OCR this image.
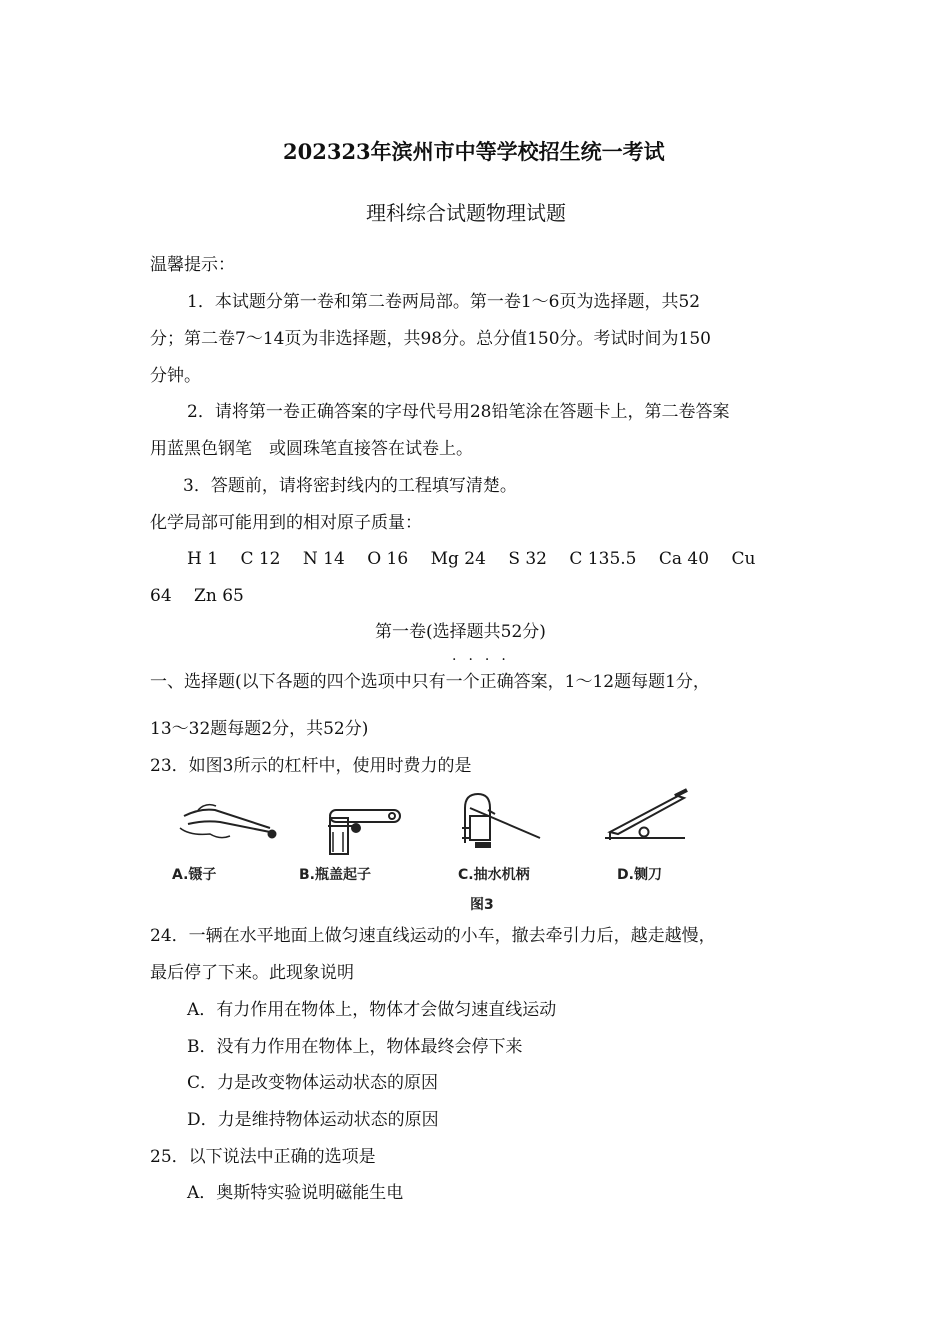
202323年滨州市中等学校招生统一考试
理科综合试题物理试题
温馨提示：
1．本试题分第一卷和第二卷两局部。第一卷1～6页为选择题，共52
分；第二卷7～14页为非选择题，共98分。总分值150分。考试时间为150
分钟。
2．请将第一卷正确答案的字母代号用28铅笔涂在答题卡上，第二卷答案
用蓝黑色钢笔　或圆珠笔直接答在试卷上。
3．答题前，请将密封线内的工程填写清楚。
化学局部可能用到的相对原子质量：
H 1　 C 12　 N 14　 O 16　 Mg 24　 S 32　 C 135.5　 Ca 40　 Cu
64　 Zn 65
第一卷(选择题共52分)
····
一、选择题(以下各题的四个选项中只有一个正确答案，1～12题每题1分，
13～32题每题2分，共52分)
23．如图3所示的杠杆中，使用时费力的是
A.镊子	B.瓶盖起子	C.抽水机柄	D.铡刀
图3
24．一辆在水平地面上做匀速直线运动的小车，撤去牵引力后，越走越慢，
最后停了下来。此现象说明
A．有力作用在物体上，物体才会做匀速直线运动
B．没有力作用在物体上，物体最终会停下来
C．力是改变物体运动状态的原因
D．力是维持物体运动状态的原因
25．以下说法中正确的选项是
A．奥斯特实验说明磁能生电
